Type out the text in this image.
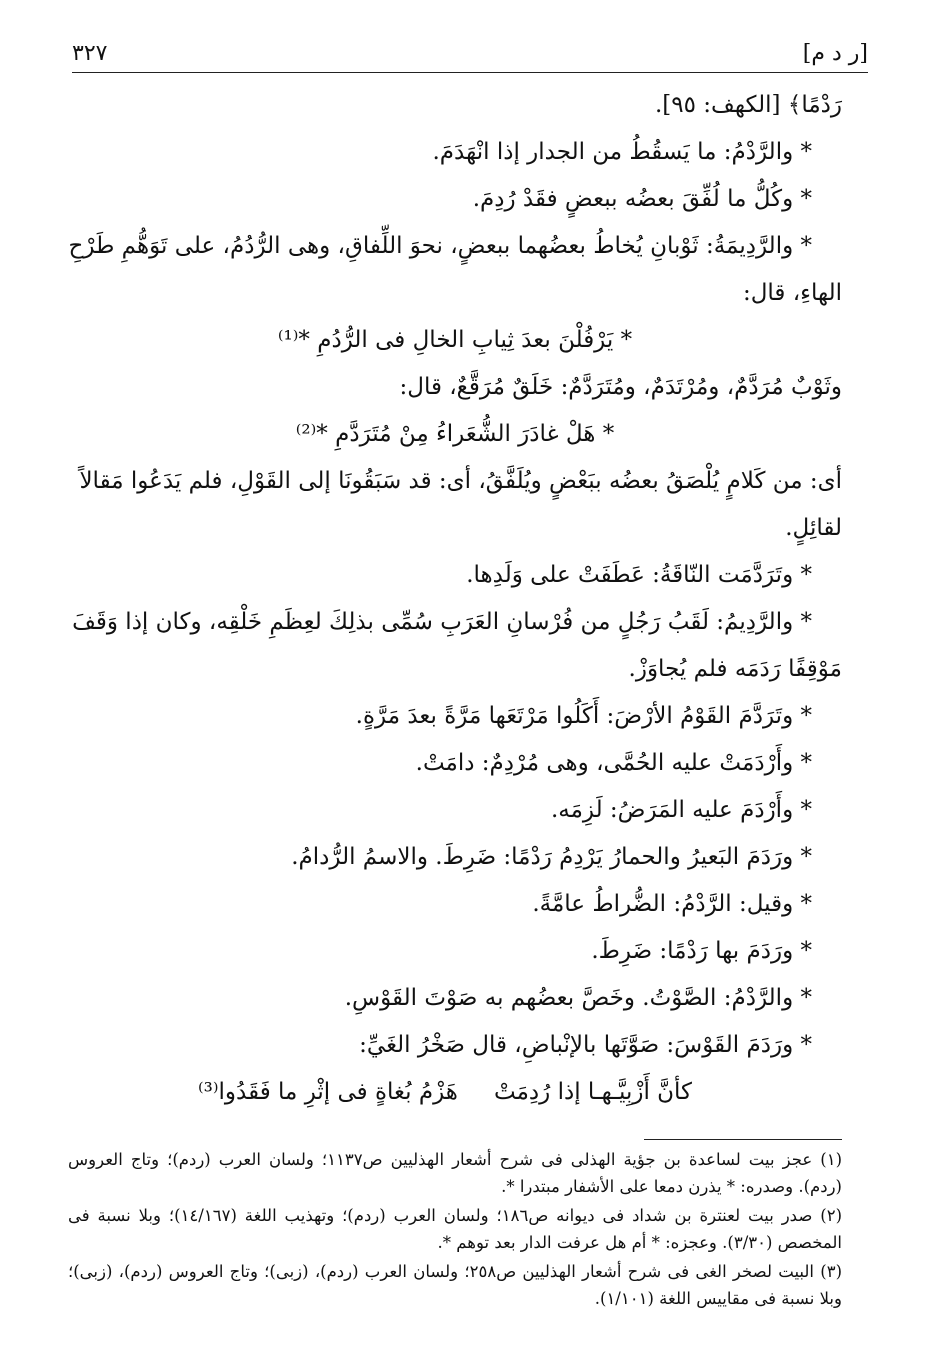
[ر د م]
٣٢٧

رَدْمًا﴾ [الكهف: ٩٥].

* والرَّدْمُ: ما يَسقُطُ من الجدار إذا انْهَدَمَ.

* وكُلُّ ما لُفِّقَ بعضُه ببعضٍ فقَدْ رُدِمَ.

* والرَّدِيمَةُ: ثَوْبانِ يُخاطُ بعضُهما ببعضٍ، نحوَ اللِّفاقِ، وهى الرُّدُمُ، على تَوَهُّمِ طَرْحِ

الهاءِ، قال:

* يَرْفُلْنَ بعدَ ثِيابِ الخالِ فى الرُّدُمِ *⁽¹⁾

وثَوْبٌ مُرَدَّمٌ، ومُرْتَدَمٌ، ومُتَرَدَّمٌ: خَلَقٌ مُرَقَّعٌ، قال:

* هَلْ غادَرَ الشُّعَراءُ مِنْ مُتَرَدَّمِ *⁽²⁾

أى: من كَلامٍ يُلْصَقُ بعضُه ببَعْضٍ ويُلَفَّقُ، أى: قد سَبَقُونَا إلى القَوْلِ، فلم يَدَعُوا مَقالاً

لقائِلٍ.

* وتَرَدَّمَت النّاقَةُ: عَطَفَتْ على وَلَدِها.

* والرَّدِيمُ: لَقَبُ رَجُلٍ من فُرْسانِ العَرَبِ سُمِّى بذلِكَ لعِظَمِ خَلْقِه، وكان إذا وَقَفَ

مَوْقِفًا رَدَمَه فلم يُجاوَزْ.

* وتَرَدَّمَ القَوْمُ الأرْضَ: أَكَلُوا مَرْتَعَها مَرَّةً بعدَ مَرَّةٍ.

* وأَرْدَمَتْ عليه الحُمَّى، وهى مُرْدِمٌ: دامَتْ.

* وأَرْدَمَ عليه المَرَضُ: لَزِمَه.

* ورَدَمَ البَعيرُ والحمارُ يَرْدِمُ رَدْمًا: ضَرِطَ. والاسمُ الرُّدامُ.

* وقيل: الرَّدْمُ: الضُّراطُ عامَّةً.

* ورَدَمَ بها رَدْمًا: ضَرِطَ.

* والرَّدْمُ: الصَّوْتُ. وخَصَّ بعضُهم به صَوْتَ القَوْسِ.

* ورَدَمَ القَوْسَ: صَوَّتَها بالإنْباضِ، قال صَخْرُ الغَيِّ:

كأنَّ أَزْبِيَّـهـا إذا رُدِمَتْ
هَزْمُ بُغاةٍ فى إثْرِ ما فَقَدُوا⁽³⁾

(١) عجز بيت لساعدة بن جؤية الهذلى فى شرح أشعار الهذليين ص١١٣٧؛ ولسان العرب (ردم)؛ وتاج العروس (ردم). وصدره: * يذرن دمعا على الأشفار مبتدرا *.

(٢) صدر بيت لعنترة بن شداد فى ديوانه ص١٨٦؛ ولسان العرب (ردم)؛ وتهذيب اللغة (١٤/١٦٧)؛ وبلا نسبة فى المخصص (٣/٣٠). وعجزه: * أم هل عرفت الدار بعد توهم *.

(٣) البيت لصخر الغى فى شرح أشعار الهذليين ص٢٥٨؛ ولسان العرب (ردم)، (زبى)؛ وتاج العروس (ردم)، (زبى)؛ وبلا نسبة فى مقاييس اللغة (١/١٠١).
